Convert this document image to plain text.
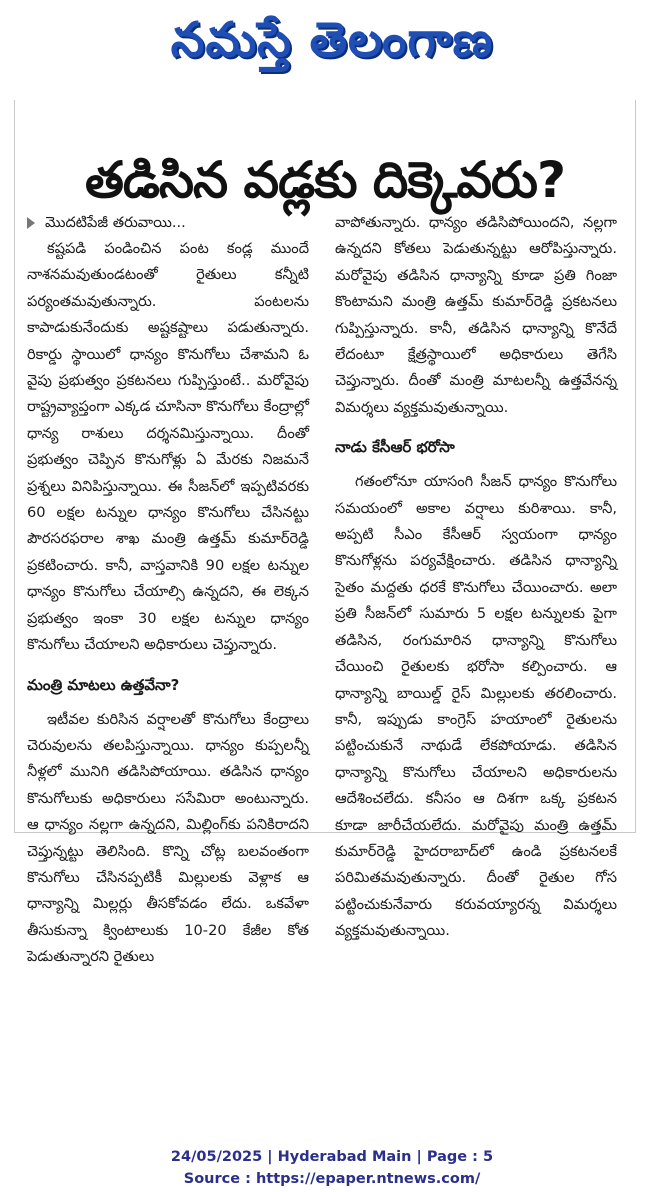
నమస్తే తెలంగాణ
తడిసిన వడ్లకు దిక్కెవరు?
మొదటిపేజీ తరువాయి...

కష్టపడి పండించిన పంట కండ్ల ముందే నాశనమవుతుండటంతో రైతులు కన్నీటి పర్యంతమవుతున్నారు. పంటలను కాపాడుకునేందుకు అష్టకష్టాలు పడుతున్నారు. రికార్డు స్థాయిలో ధాన్యం కొనుగోలు చేశామని ఓ వైపు ప్రభుత్వం ప్రకటనలు గుప్పిస్తుంటే.. మరోవైపు రాష్ట్రవ్యాప్తంగా ఎక్కడ చూసినా కొనుగోలు కేంద్రాల్లో ధాన్య రాశులు దర్శనమిస్తున్నాయి. దీంతో ప్రభుత్వం చెప్పిన కొనుగోళ్లు ఏ మేరకు నిజమనే ప్రశ్నలు వినిపిస్తున్నాయి. ఈ సీజన్‌లో ఇప్పటివరకు 60 లక్షల టన్నుల ధాన్యం కొనుగోలు చేసినట్టు పౌరసరఫరాల శాఖ మంత్రి ఉత్తమ్ కుమార్‌రెడ్డి ప్రకటించారు. కానీ, వాస్తవానికి 90 లక్షల టన్నుల ధాన్యం కొనుగోలు చేయాల్సి ఉన్నదని, ఈ లెక్కన ప్రభుత్వం ఇంకా 30 లక్షల టన్నుల ధాన్యం కొనుగోలు చేయాలని అధికారులు చెప్తున్నారు.

మంత్రి మాటలు ఉత్తవేనా?

ఇటీవల కురిసిన వర్షాలతో కొనుగోలు కేంద్రాలు చెరువులను తలపిస్తున్నాయి. ధాన్యం కుప్పలన్నీ నీళ్లలో మునిగి తడిసిపోయాయి. తడిసిన ధాన్యం కొనుగోలుకు అధికారులు ససేమిరా అంటున్నారు. ఆ ధాన్యం నల్లగా ఉన్నదని, మిల్లింగ్‌కు పనికిరాదని చెప్తున్నట్టు తెలిసింది. కొన్ని చోట్ల బలవంతంగా కొనుగోలు చేసినప్పటికీ మిల్లులకు వెళ్లాక ఆ ధాన్యాన్ని మిల్లర్లు తీసకోవడం లేదు. ఒకవేళా తీసుకున్నా క్వింటాలుకు 10-20 కేజీల కోత పెడుతున్నారని రైతులు

వాపోతున్నారు. ధాన్యం తడిసిపోయిందని, నల్లగా ఉన్నదని కోతలు పెడుతున్నట్టు ఆరోపిస్తున్నారు. మరోవైపు తడిసిన ధాన్యాన్ని కూడా ప్రతి గింజా కొంటామని మంత్రి ఉత్తమ్ కుమార్‌రెడ్డి ప్రకటనలు గుప్పిస్తున్నారు. కానీ, తడిసిన ధాన్యాన్ని కొనేదే లేదంటూ క్షేత్రస్థాయిలో అధికారులు తెగేసి చెప్తున్నారు. దీంతో మంత్రి మాటలన్నీ ఉత్తవేనన్న విమర్శలు వ్యక్తమవుతున్నాయి.

నాడు కేసీఆర్ భరోసా

గతంలోనూ యాసంగి సీజన్ ధాన్యం కొనుగోలు సమయంలో అకాల వర్షాలు కురిశాయి. కానీ, అప్పటి సీఎం కేసీఆర్ స్వయంగా ధాన్యం కొనుగోళ్లను పర్యవేక్షించారు. తడిసిన ధాన్యాన్ని సైతం మద్దతు ధరకే కొనుగోలు చేయించారు. అలా ప్రతి సీజన్‌లో సుమారు 5 లక్షల టన్నులకు పైగా తడిసిన, రంగుమారిన ధాన్యాన్ని కొనుగోలు చేయించి రైతులకు భరోసా కల్పించారు. ఆ ధాన్యాన్ని బాయిల్డ్ రైస్ మిల్లులకు తరలించారు. కానీ, ఇప్పుడు కాంగ్రెస్ హయాంలో రైతులను పట్టించుకునే నాథుడే లేకపోయాడు. తడిసిన ధాన్యాన్ని కొనుగోలు చేయాలని అధికారులను ఆదేశించలేదు. కనీసం ఆ దిశగా ఒక్క ప్రకటన కూడా జారీచేయలేదు. మరోవైపు మంత్రి ఉత్తమ్ కుమార్‌రెడ్డి హైదరాబాద్‌లో ఉండి ప్రకటనలకే పరిమితమవుతున్నారు. దీంతో రైతుల గోస పట్టించుకునేవారు కరువయ్యారన్న విమర్శలు వ్యక్తమవుతున్నాయి.

24/05/2025 | Hyderabad Main | Page : 5
Source : https://epaper.ntnews.com/
